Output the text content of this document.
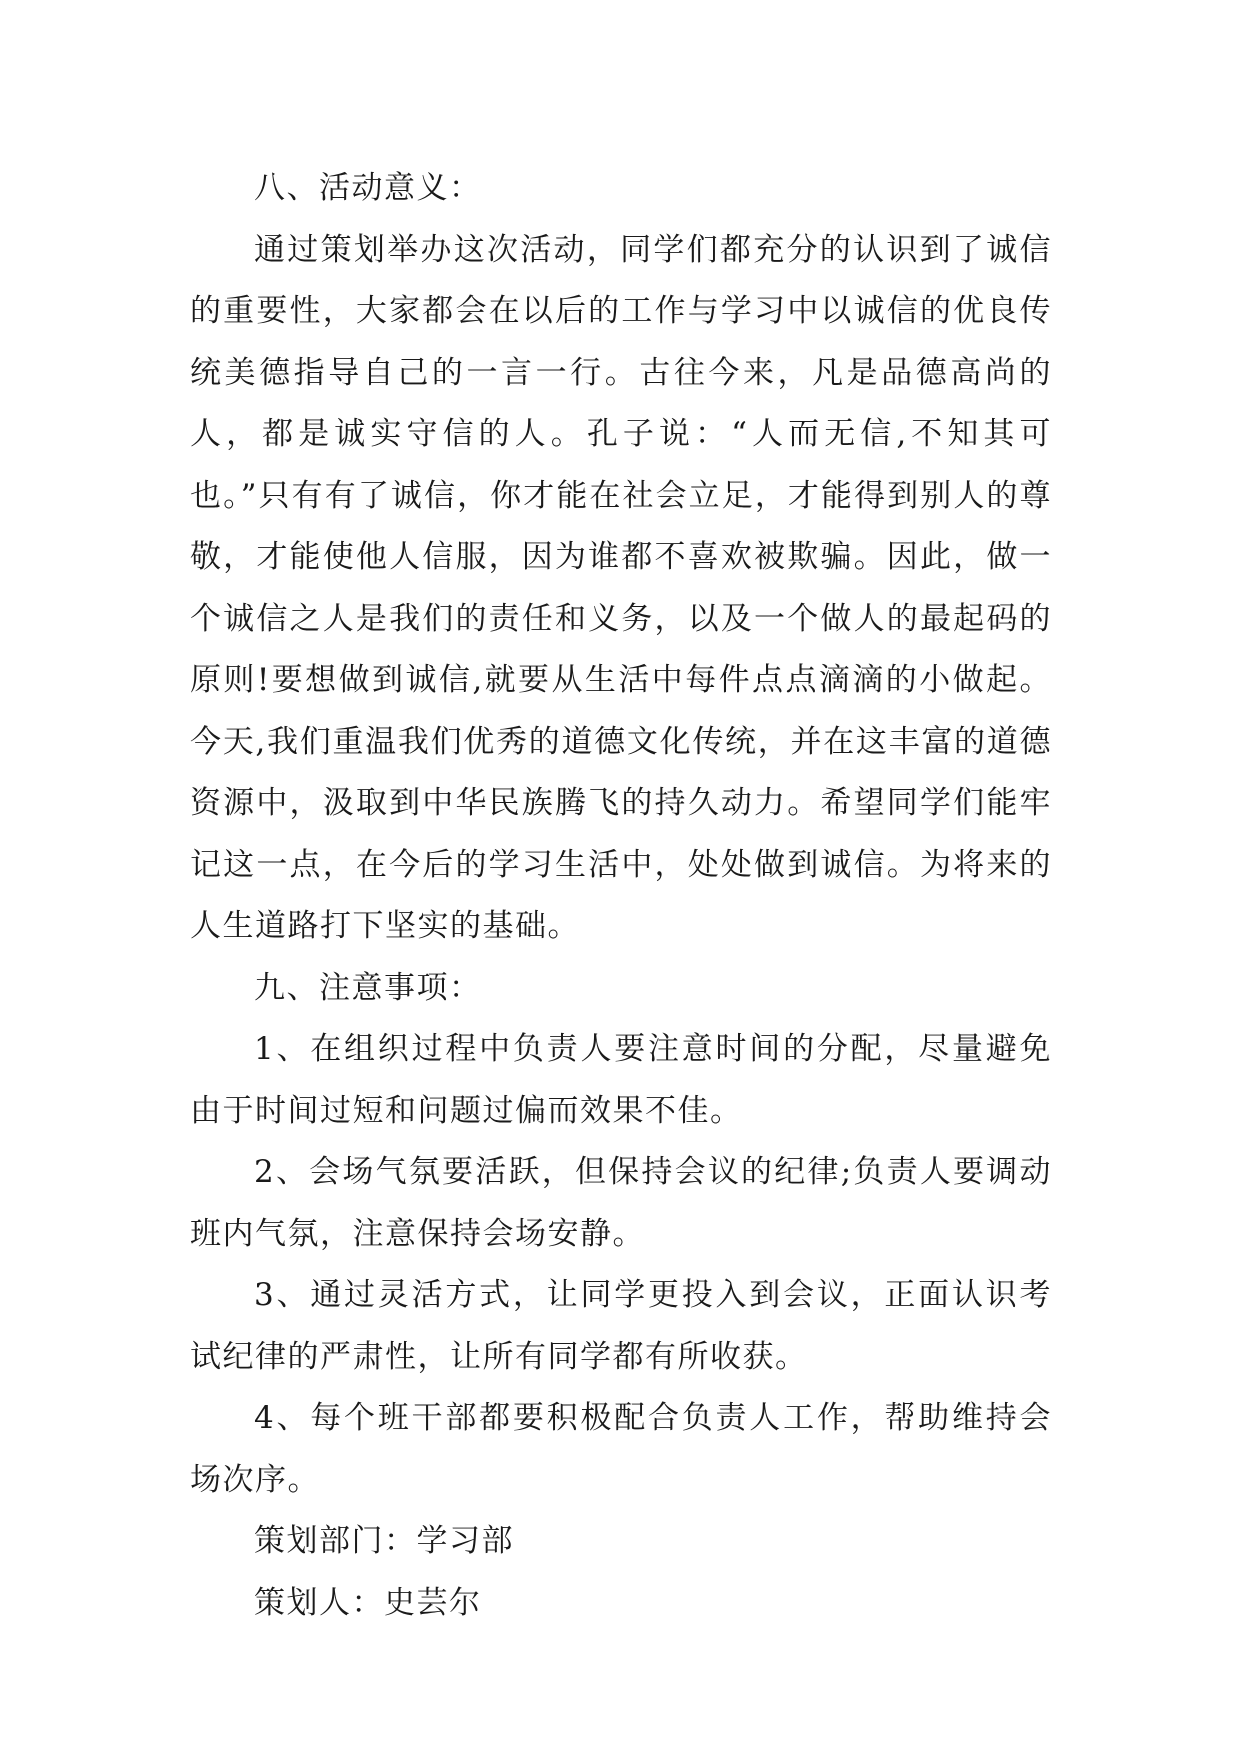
八、活动意义：

通过策划举办这次活动，同学们都充分的认识到了诚信的重要性，大家都会在以后的工作与学习中以诚信的优良传统美德指导自己的一言一行。古往今来，凡是品德高尚的人，都是诚实守信的人。孔子说：“人而无信,不知其可也。”只有有了诚信，你才能在社会立足，才能得到别人的尊敬，才能使他人信服，因为谁都不喜欢被欺骗。因此，做一个诚信之人是我们的责任和义务，以及一个做人的最起码的原则!要想做到诚信,就要从生活中每件点点滴滴的小做起。今天,我们重温我们优秀的道德文化传统，并在这丰富的道德资源中，汲取到中华民族腾飞的持久动力。希望同学们能牢记这一点，在今后的学习生活中，处处做到诚信。为将来的人生道路打下坚实的基础。

九、注意事项：

1、在组织过程中负责人要注意时间的分配，尽量避免由于时间过短和问题过偏而效果不佳。

2、会场气氛要活跃，但保持会议的纪律;负责人要调动班内气氛，注意保持会场安静。

3、通过灵活方式，让同学更投入到会议，正面认识考试纪律的严肃性，让所有同学都有所收获。

4、每个班干部都要积极配合负责人工作，帮助维持会场次序。

策划部门：学习部

策划人：史芸尔
